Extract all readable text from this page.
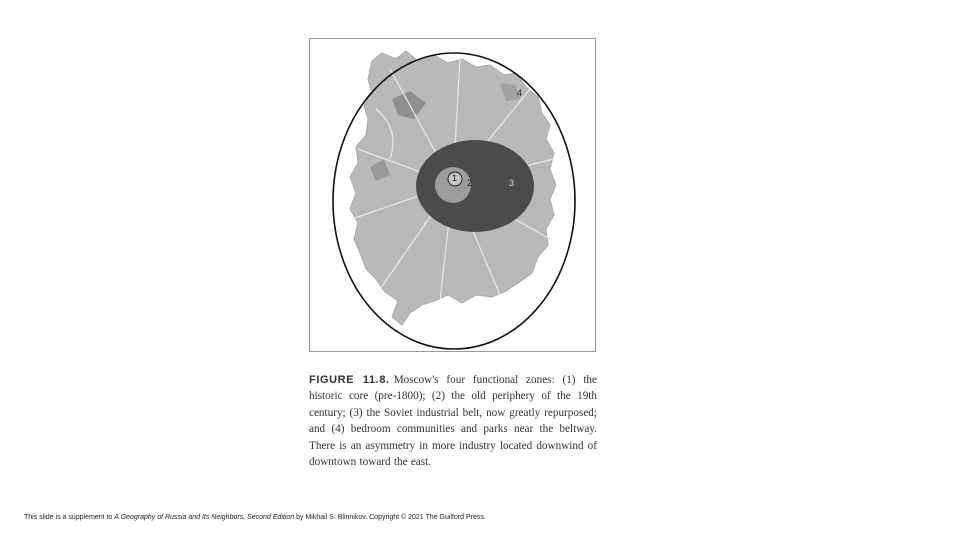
1 2	3
4
FIGURE 11.8. Moscow's four functional zones: (1) the historic core (pre-1800); (2) the old periphery of the 19th century; (3) the Soviet industrial belt, now greatly repurposed; and (4) bedroom communities and parks near the beltway. There is an asymmetry in more industry located downwind of downtown toward the east.
This slide is a supplement to A Geography of Russia and Its Neighbors, Second Edition by Mikhail S. Blinnikov. Copyright © 2021 The Guilford Press.
